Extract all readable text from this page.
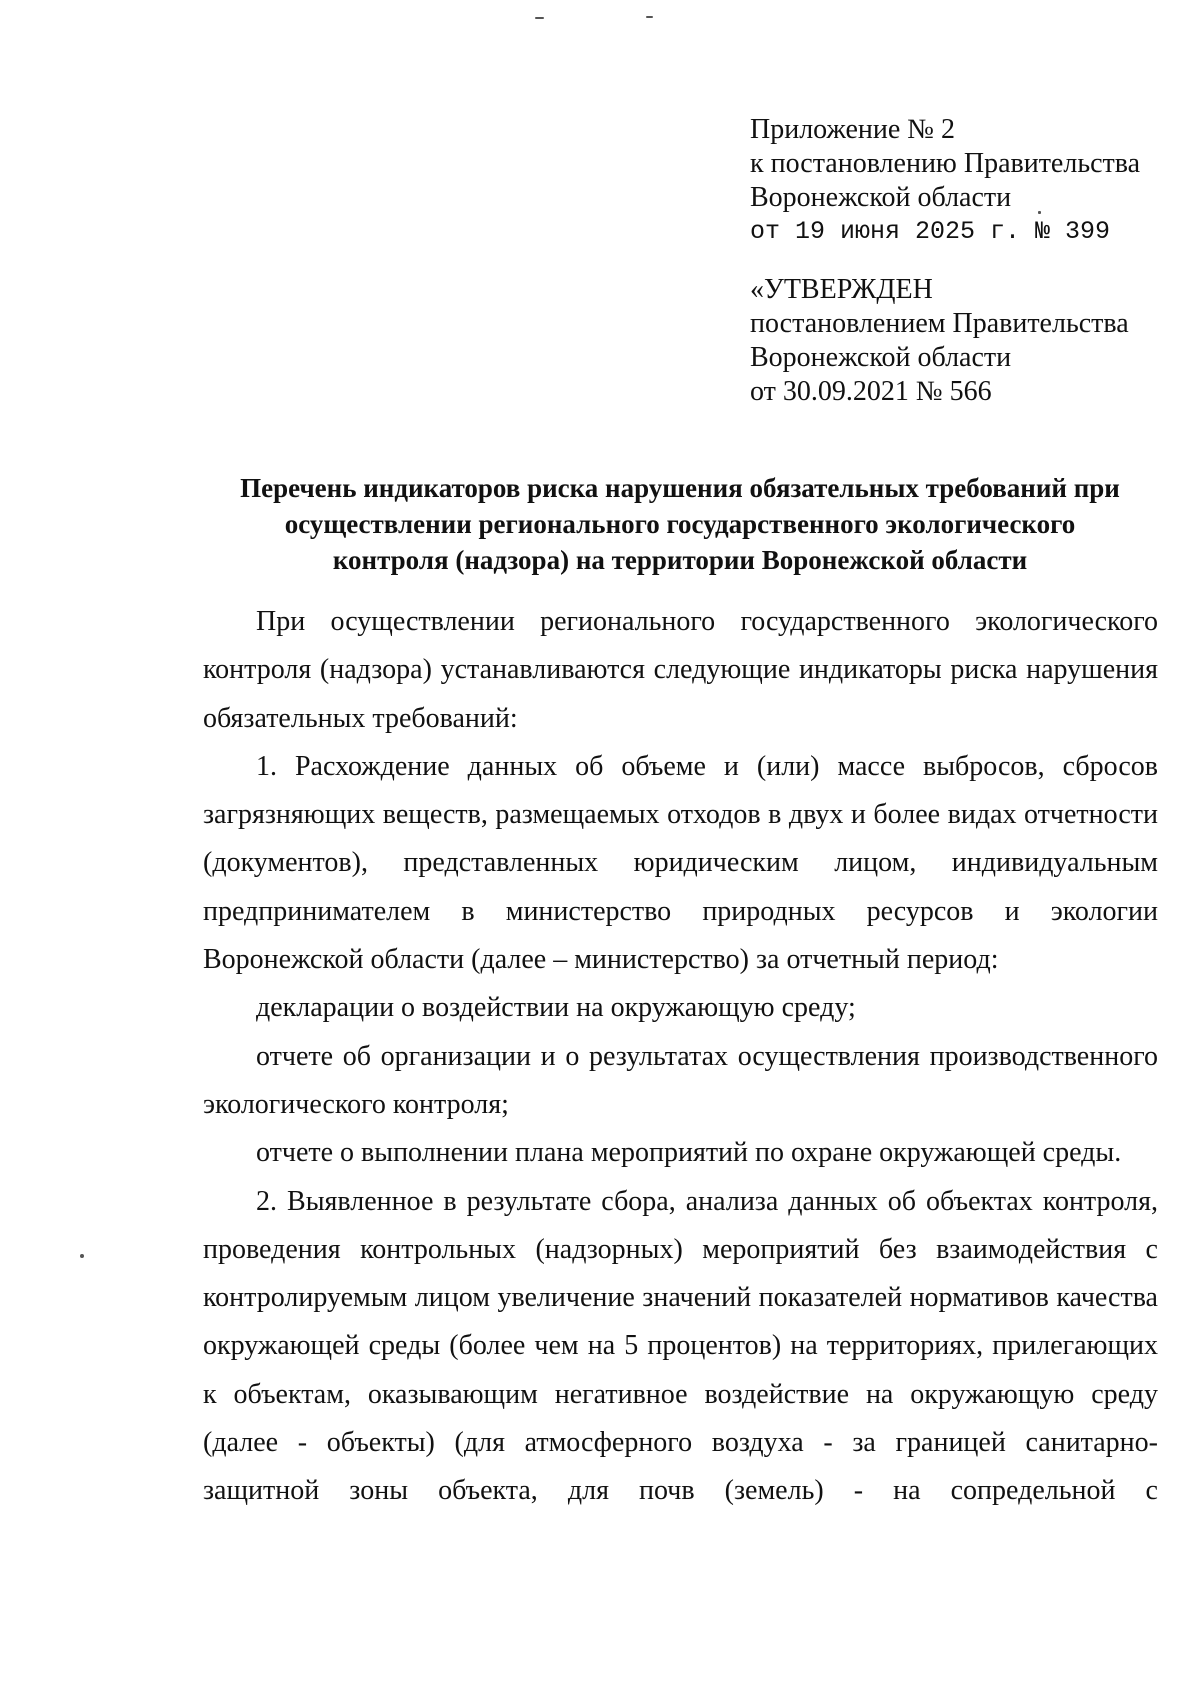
Приложение № 2
к постановлению Правительства
Воронежской области
от 19 июня 2025 г. № 399
«УТВЕРЖДЕН
постановлением Правительства
Воронежской области
от 30.09.2021 № 566
Перечень индикаторов риска нарушения обязательных требований при
осуществлении регионального государственного экологического
контроля (надзора) на территории Воронежской области

При осуществлении регионального государственного экологического контроля (надзора) устанавливаются следующие индикаторы риска нарушения обязательных требований:

1. Расхождение данных об объеме и (или) массе выбросов, сбросов загрязняющих веществ, размещаемых отходов в двух и более видах отчетности (документов), представленных юридическим лицом, индивидуальным предпринимателем в министерство природных ресурсов и экологии Воронежской области (далее – министерство) за отчетный период:

декларации о воздействии на окружающую среду;

отчете об организации и о результатах осуществления производственного экологического контроля;

отчете о выполнении плана мероприятий по охране окружающей среды.

2. Выявленное в результате сбора, анализа данных об объектах контроля, проведения контрольных (надзорных) мероприятий без взаимодействия с контролируемым лицом увеличение значений показателей нормативов качества окружающей среды (более чем на 5 процентов) на территориях, прилегающих к объектам, оказывающим негативное воздействие на окружающую среду (далее - объекты) (для атмосферного воздуха - за границей санитарно-защитной зоны объекта, для почв (земель) - на сопредельной с
